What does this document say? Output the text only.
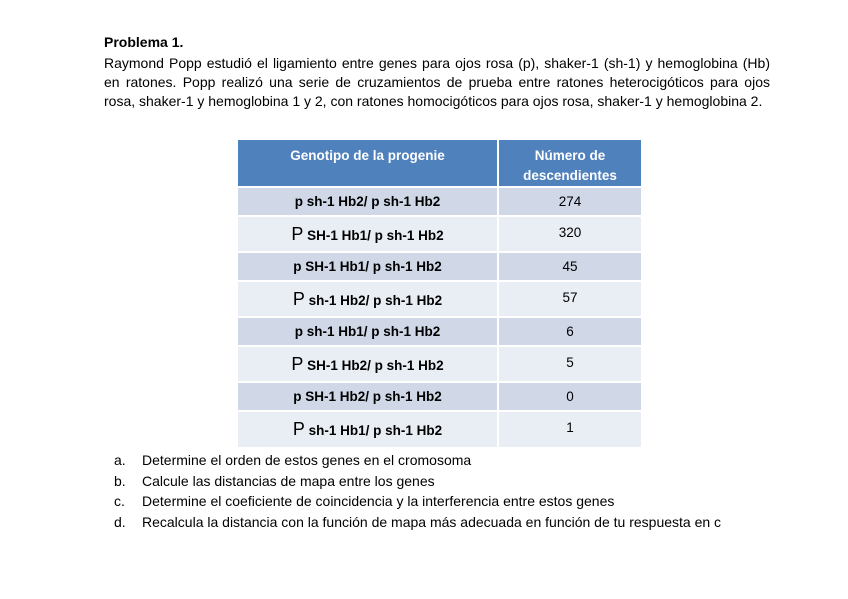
Problema 1.
Raymond Popp estudió el ligamiento entre genes para ojos rosa (p), shaker-1 (sh-1) y hemoglobina (Hb) en ratones. Popp realizó una serie de cruzamientos de prueba entre ratones heterocigóticos para ojos rosa, shaker-1 y hemoglobina 1 y 2, con ratones homocigóticos para ojos rosa, shaker-1 y hemoglobina 2.
Genotipo de la progenie	Número de descendientes
p sh-1 Hb2/ p sh-1 Hb2	274
P SH-1 Hb1/ p sh-1 Hb2	320
p SH-1 Hb1/ p sh-1 Hb2	45
P sh-1 Hb2/ p sh-1 Hb2	57
p sh-1 Hb1/ p sh-1 Hb2	6
P SH-1 Hb2/ p sh-1 Hb2	5
p SH-1 Hb2/ p sh-1 Hb2	0
P sh-1 Hb1/ p sh-1 Hb2	1
a.	Determine el orden de estos genes en el cromosoma
b.	Calcule las distancias de mapa entre los genes
c.	Determine el coeficiente de coincidencia y la interferencia entre estos genes
d.	Recalcula la distancia con la función de mapa más adecuada en función de tu respuesta en c
